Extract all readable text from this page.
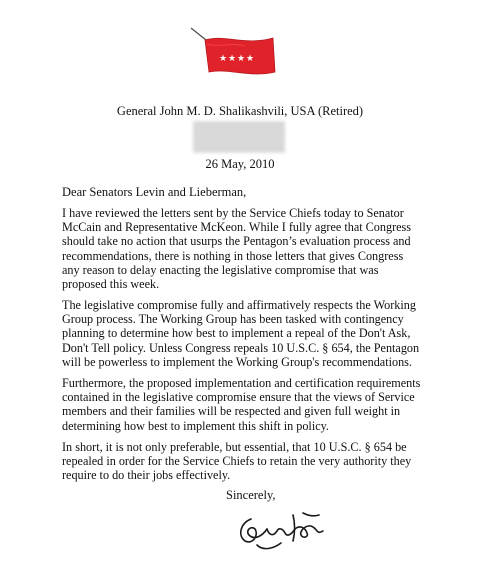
★ ★ ★ ★
General John M. D. Shalikashvili, USA (Retired)
26 May, 2010
Dear Senators Levin and Lieberman,

I have reviewed the letters sent by the Service Chiefs today to Senator McCain and Representative McKeon. While I fully agree that Congress should take no action that usurps the Pentagon’s evaluation process and recommendations, there is nothing in those letters that gives Congress any reason to delay enacting the legislative compromise that was proposed this week.

The legislative compromise fully and affirmatively respects the Working Group process. The Working Group has been tasked with contingency planning to determine how best to implement a repeal of the Don't Ask, Don't Tell policy. Unless Congress repeals 10 U.S.C. § 654, the Pentagon will be powerless to implement the Working Group's recommendations.

Furthermore, the proposed implementation and certification requirements contained in the legislative compromise ensure that the views of Service members and their families will be respected and given full weight in determining how best to implement this shift in policy.

In short, it is not only preferable, but essential, that 10 U.S.C. § 654 be repealed in order for the Service Chiefs to retain the very authority they require to do their jobs effectively.

Sincerely,
